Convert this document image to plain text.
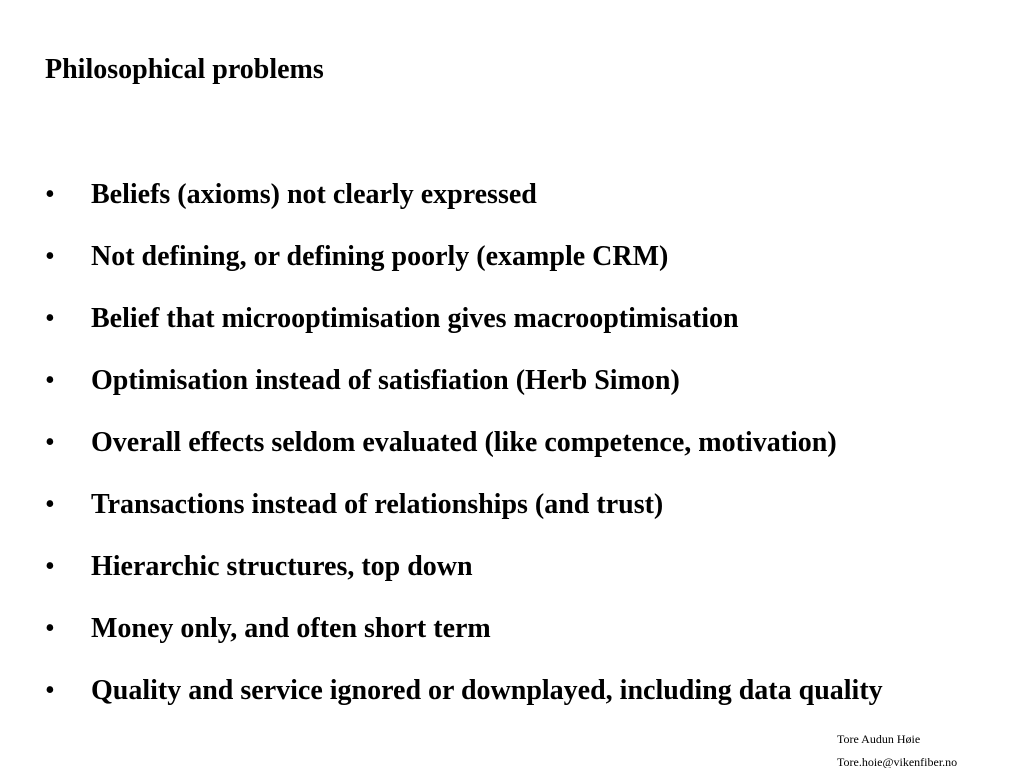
Philosophical problems
• Beliefs (axioms) not clearly expressed
• Not defining, or defining poorly (example CRM)
• Belief that microoptimisation gives macrooptimisation
• Optimisation instead of satisfiation (Herb Simon)
• Overall effects seldom evaluated (like competence, motivation)
• Transactions instead of relationships (and trust)
• Hierarchic structures, top down
• Money only, and often short term
• Quality and service ignored or downplayed, including data quality
Tore Audun Høie
Tore.hoie@vikenfiber.no
